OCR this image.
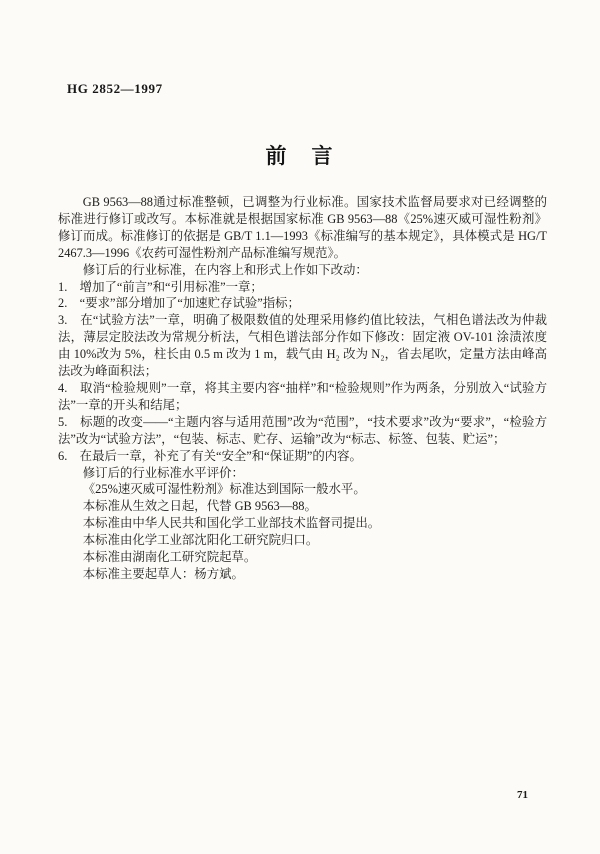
HG 2852—1997
前　言

GB 9563—88通过标准整顿，已调整为行业标准。国家技术监督局要求对已经调整的标准进行修订或改写。本标准就是根据国家标准 GB 9563—88《25%速灭威可湿性粉剂》修订而成。标准修订的依据是 GB/T 1.1—1993《标准编写的基本规定》，具体模式是 HG/T 2467.3—1996《农药可湿性粉剂产品标准编写规范》。

修订后的行业标准，在内容上和形式上作如下改动：

1.　增加了“前言”和“引用标准”一章；

2.　“要求”部分增加了“加速贮存试验”指标；

3.　在“试验方法”一章，明确了极限数值的处理采用修约值比较法，气相色谱法改为仲裁法，薄层定胶法改为常规分析法，气相色谱法部分作如下修改：固定液 OV-101 涂渍浓度由 10%改为 5%，柱长由 0.5 m 改为 1 m，载气由 H₂ 改为 N₂，省去尾吹，定量方法由峰高法改为峰面积法；

4.　取消“检验规则”一章，将其主要内容“抽样”和“检验规则”作为两条，分别放入“试验方法”一章的开头和结尾；

5.　标题的改变——“主题内容与适用范围”改为“范围”，“技术要求”改为“要求”，“检验方法”改为“试验方法”，“包装、标志、贮存、运输”改为“标志、标签、包装、贮运”；

6.　在最后一章，补充了有关“安全”和“保证期”的内容。

修订后的行业标准水平评价：

《25%速灭威可湿性粉剂》标准达到国际一般水平。

本标准从生效之日起，代替 GB 9563—88。

本标准由中华人民共和国化学工业部技术监督司提出。

本标准由化学工业部沈阳化工研究院归口。

本标准由湖南化工研究院起草。

本标准主要起草人：杨方斌。

71
